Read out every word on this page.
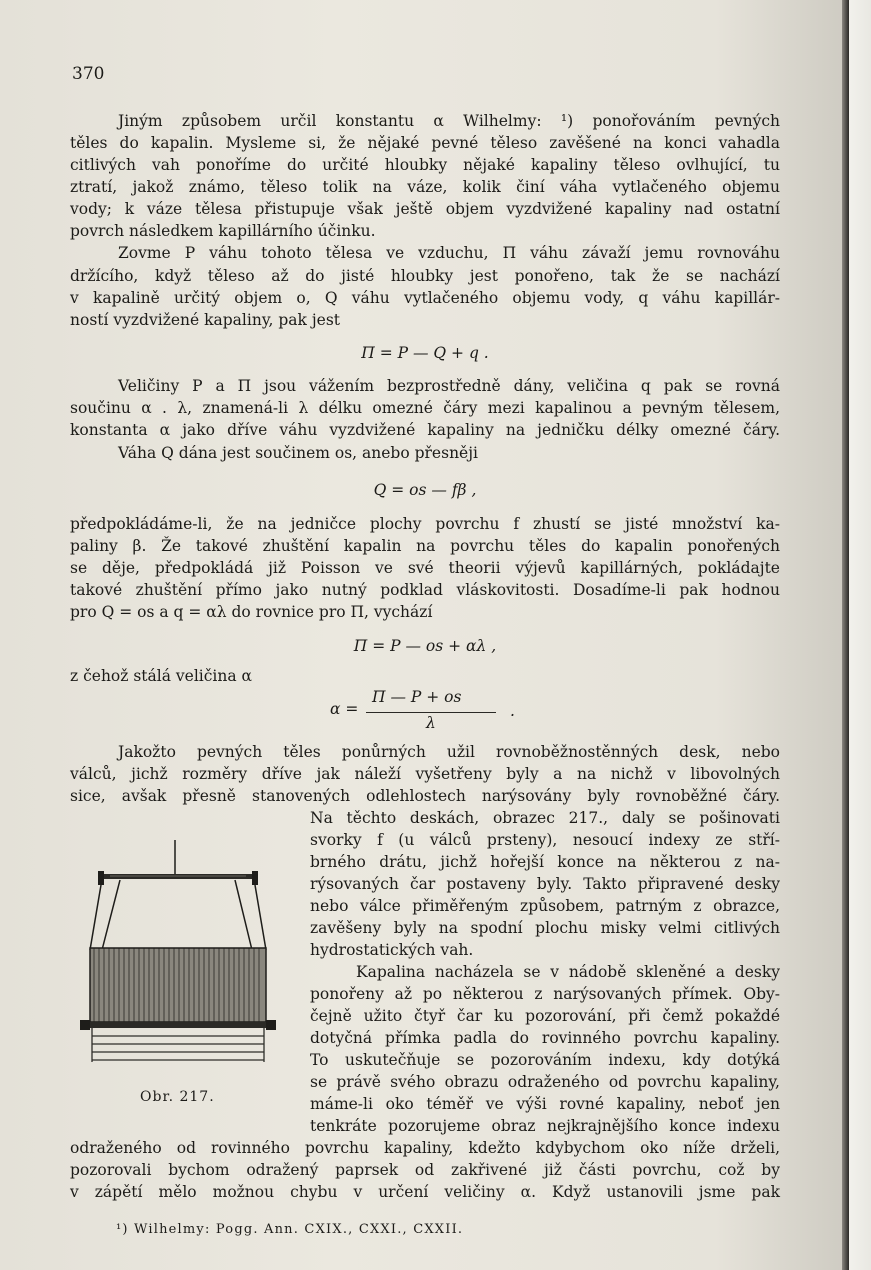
370
Jiným způsobem určil konstantu α Wilhelmy: ¹) ponořováním pevných
těles do kapalin. Mysleme si, že nějaké pevné těleso zavěšené na konci vahadla
citlivých vah ponoříme do určité hloubky nějaké kapaliny těleso ovlhující, tu
ztratí, jakož známo, těleso tolik na váze, kolik činí váha vytlačeného objemu
vody; k váze tělesa přistupuje však ještě objem vyzdvižené kapaliny nad ostatní
povrch následkem kapillárního účinku.
Zovme P váhu tohoto tělesa ve vzduchu, Π váhu závaží jemu rovnováhu
držícího, když těleso až do jisté hloubky jest ponořeno, tak že se nachází
v kapalině určitý objem o, Q váhu vytlačeného objemu vody, q váhu kapillár-
ností vyzdvižené kapaliny, pak jest
Π = P — Q + q .
Veličiny P a Π jsou vážením bezprostředně dány, veličina q pak se rovná
součinu α . λ, znamená-li λ délku omezné čáry mezi kapalinou a pevným tělesem,
konstanta α jako dříve váhu vyzdvižené kapaliny na jedničku délky omezné čáry.
Váha Q dána jest součinem os, anebo přesněji
Q = os — fβ ,
předpokládáme-li, že na jedničce plochy povrchu f zhustí se jisté množství ka-
paliny β. Že takové zhuštění kapalin na povrchu těles do kapalin ponořených
se děje, předpokládá již Poisson ve své theorii výjevů kapillárných, pokládajte
takové zhuštění přímo jako nutný podklad vláskovitosti. Dosadíme-li pak hodnou
pro Q = os a q = αλ do rovnice pro Π, vychází
Π = P — os + αλ ,
z čehož stálá veličina α
α =
Π — P + os
λ
.
Jakožto pevných těles ponůrných užil rovnoběžnostěnných desk, nebo
válců, jichž rozměry dříve jak náleží vyšetřeny byly a na nichž v libovolných
sice, avšak přesně stanovených odlehlostech narýsovány byly rovnoběžné čáry.
Na těchto deskách, obrazec 217., daly se pošinovati
svorky f (u válců prsteny), nesoucí indexy ze stří-
brného drátu, jichž hořejší konce na některou z na-
rýsovaných čar postaveny byly. Takto připravené desky
nebo válce přiměřeným způsobem, patrným z obrazce,
zavěšeny byly na spodní plochu misky velmi citlivých
hydrostatických vah.
Kapalina nacházela se v nádobě skleněné a desky
ponořeny až po některou z narýsovaných přímek. Oby-
čejně užito čtyř čar ku pozorování, při čemž pokaždé
dotyčná přímka padla do rovinného povrchu kapaliny.
To uskutečňuje se pozorováním indexu, kdy dotýká
se právě svého obrazu odraženého od povrchu kapaliny,
máme-li oko téměř ve výši rovné kapaliny, neboť jen
tenkráte pozorujeme obraz nejkrajnějšího konce indexu
odraženého od rovinného povrchu kapaliny, kdežto kdybychom oko níže drželi,
pozorovali bychom odražený paprsek od zakřivené již části povrchu, což by
v zápětí mělo možnou chybu v určení veličiny α. Když ustanovili jsme pak
Obr. 217.
¹) Wilhelmy: Pogg. Ann. CXIX., CXXI., CXXII.
